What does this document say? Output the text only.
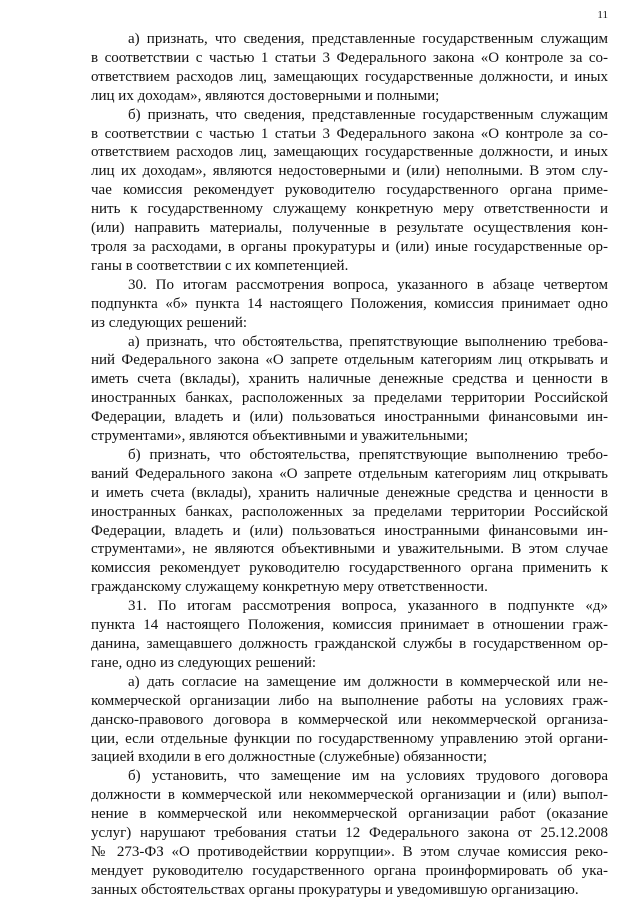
11
а) признать, что сведения, представленные государственным служащим
в соответствии с частью 1 статьи 3 Федерального закона «О контроле за со-
ответствием расходов лиц, замещающих государственные должности, и иных
лиц их доходам», являются достоверными и полными;
б) признать, что сведения, представленные государственным служащим
в соответствии с частью 1 статьи 3 Федерального закона «О контроле за со-
ответствием расходов лиц, замещающих государственные должности, и иных
лиц их доходам», являются недостоверными и (или) неполными. В этом слу-
чае комиссия рекомендует руководителю государственного органа приме-
нить к государственному служащему конкретную меру ответственности и
(или) направить материалы, полученные в результате осуществления кон-
троля за расходами, в органы прокуратуры и (или) иные государственные ор-
ганы в соответствии с их компетенцией.
30. По итогам рассмотрения вопроса, указанного в абзаце четвертом
подпункта «б» пункта 14 настоящего Положения, комиссия принимает одно
из следующих решений:
а) признать, что обстоятельства, препятствующие выполнению требова-
ний Федерального закона «О запрете отдельным категориям лиц открывать и
иметь счета (вклады), хранить наличные денежные средства и ценности в
иностранных банках, расположенных за пределами территории Российской
Федерации, владеть и (или) пользоваться иностранными финансовыми ин-
струментами», являются объективными и уважительными;
б) признать, что обстоятельства, препятствующие выполнению требо-
ваний Федерального закона «О запрете отдельным категориям лиц открывать
и иметь счета (вклады), хранить наличные денежные средства и ценности в
иностранных банках, расположенных за пределами территории Российской
Федерации, владеть и (или) пользоваться иностранными финансовыми ин-
струментами», не являются объективными и уважительными. В этом случае
комиссия рекомендует руководителю государственного органа применить к
гражданскому служащему конкретную меру ответственности.
31. По итогам рассмотрения вопроса, указанного в подпункте «д»
пункта 14 настоящего Положения, комиссия принимает в отношении граж-
данина, замещавшего должность гражданской службы в государственном ор-
гане, одно из следующих решений:
а) дать согласие на замещение им должности в коммерческой или не-
коммерческой организации либо на выполнение работы на условиях граж-
данско-правового договора в коммерческой или некоммерческой организа-
ции, если отдельные функции по государственному управлению этой органи-
зацией входили в его должностные (служебные) обязанности;
б) установить, что замещение им на условиях трудового договора
должности в коммерческой или некоммерческой организации и (или) выпол-
нение в коммерческой или некоммерческой организации работ (оказание
услуг) нарушают требования статьи 12 Федерального закона от 25.12.2008
№ 273-ФЗ «О противодействии коррупции». В этом случае комиссия реко-
мендует руководителю государственного органа проинформировать об ука-
занных обстоятельствах органы прокуратуры и уведомившую организацию.
